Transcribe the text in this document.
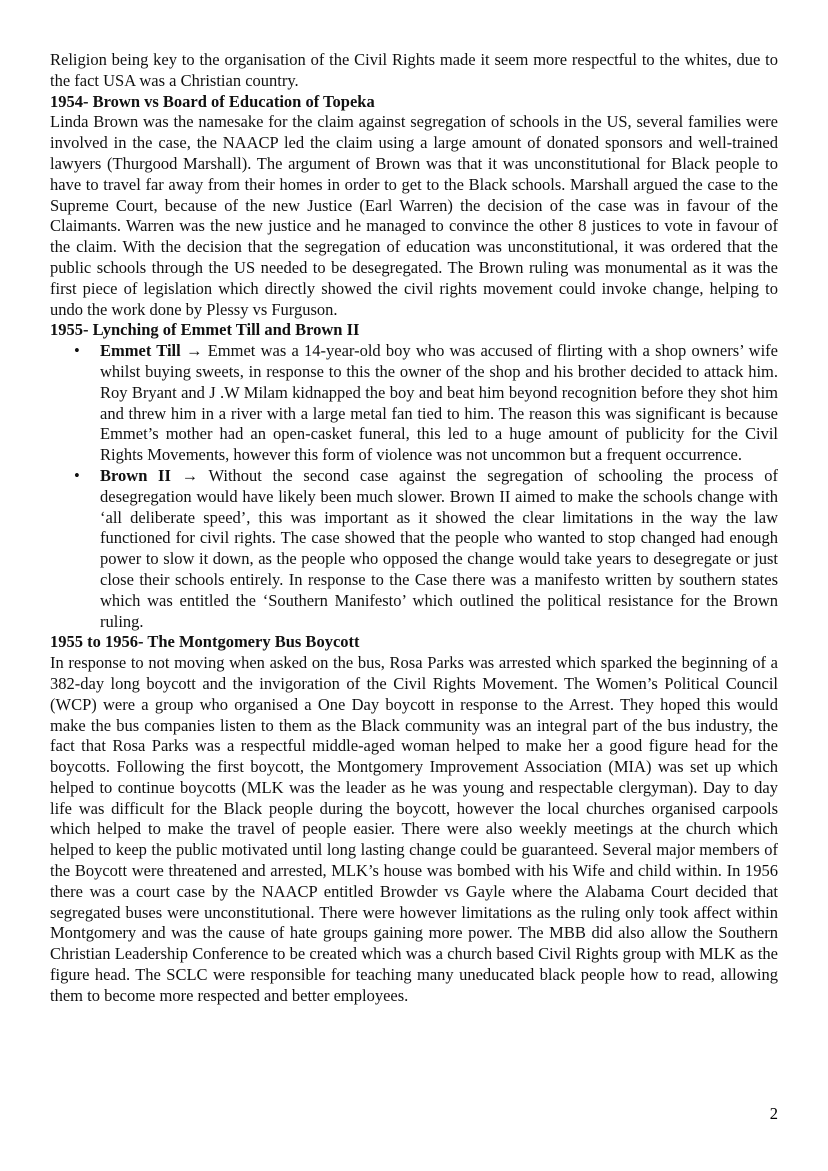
Religion being key to the organisation of the Civil Rights made it seem more respectful to the whites, due to the fact USA was a Christian country.

1954- Brown vs Board of Education of Topeka

Linda Brown was the namesake for the claim against segregation of schools in the US, several families were involved in the case, the NAACP led the claim using a large amount of donated sponsors and well-trained lawyers (Thurgood Marshall). The argument of Brown was that it was unconstitutional for Black people to have to travel far away from their homes in order to get to the Black schools. Marshall argued the case to the Supreme Court, because of the new Justice (Earl Warren) the decision of the case was in favour of the Claimants. Warren was the new justice and he managed to convince the other 8 justices to vote in favour of the claim. With the decision that the segregation of education was unconstitutional, it was ordered that the public schools through the US needed to be desegregated. The Brown ruling was monumental as it was the first piece of legislation which directly showed the civil rights movement could invoke change, helping to undo the work done by Plessy vs Furguson.

1955- Lynching of Emmet Till and Brown II
• Emmet Till → Emmet was a 14-year-old boy who was accused of flirting with a shop owners’ wife whilst buying sweets, in response to this the owner of the shop and his brother decided to attack him. Roy Bryant and J .W Milam kidnapped the boy and beat him beyond recognition before they shot him and threw him in a river with a large metal fan tied to him. The reason this was significant is because Emmet’s mother had an open-casket funeral, this led to a huge amount of publicity for the Civil Rights Movements, however this form of violence was not uncommon but a frequent occurrence.
• Brown II → Without the second case against the segregation of schooling the process of desegregation would have likely been much slower. Brown II aimed to make the schools change with ‘all deliberate speed’, this was important as it showed the clear limitations in the way the law functioned for civil rights. The case showed that the people who wanted to stop changed had enough power to slow it down, as the people who opposed the change would take years to desegregate or just close their schools entirely. In response to the Case there was a manifesto written by southern states which was entitled the ‘Southern Manifesto’ which outlined the political resistance for the Brown ruling.
1955 to 1956- The Montgomery Bus Boycott

In response to not moving when asked on the bus, Rosa Parks was arrested which sparked the beginning of a 382-day long boycott and the invigoration of the Civil Rights Movement. The Women’s Political Council (WCP) were a group who organised a One Day boycott in response to the Arrest. They hoped this would make the bus companies listen to them as the Black community was an integral part of the bus industry, the fact that Rosa Parks was a respectful middle-aged woman helped to make her a good figure head for the boycotts. Following the first boycott, the Montgomery Improvement Association (MIA) was set up which helped to continue boycotts (MLK was the leader as he was young and respectable clergyman). Day to day life was difficult for the Black people during the boycott, however the local churches organised carpools which helped to make the travel of people easier. There were also weekly meetings at the church which helped to keep the public motivated until long lasting change could be guaranteed. Several major members of the Boycott were threatened and arrested, MLK’s house was bombed with his Wife and child within. In 1956 there was a court case by the NAACP entitled Browder vs Gayle where the Alabama Court decided that segregated buses were unconstitutional. There were however limitations as the ruling only took affect within Montgomery and was the cause of hate groups gaining more power. The MBB did also allow the Southern Christian Leadership Conference to be created which was a church based Civil Rights group with MLK as the figure head. The SCLC were responsible for teaching many uneducated black people how to read, allowing them to become more respected and better employees.

2
